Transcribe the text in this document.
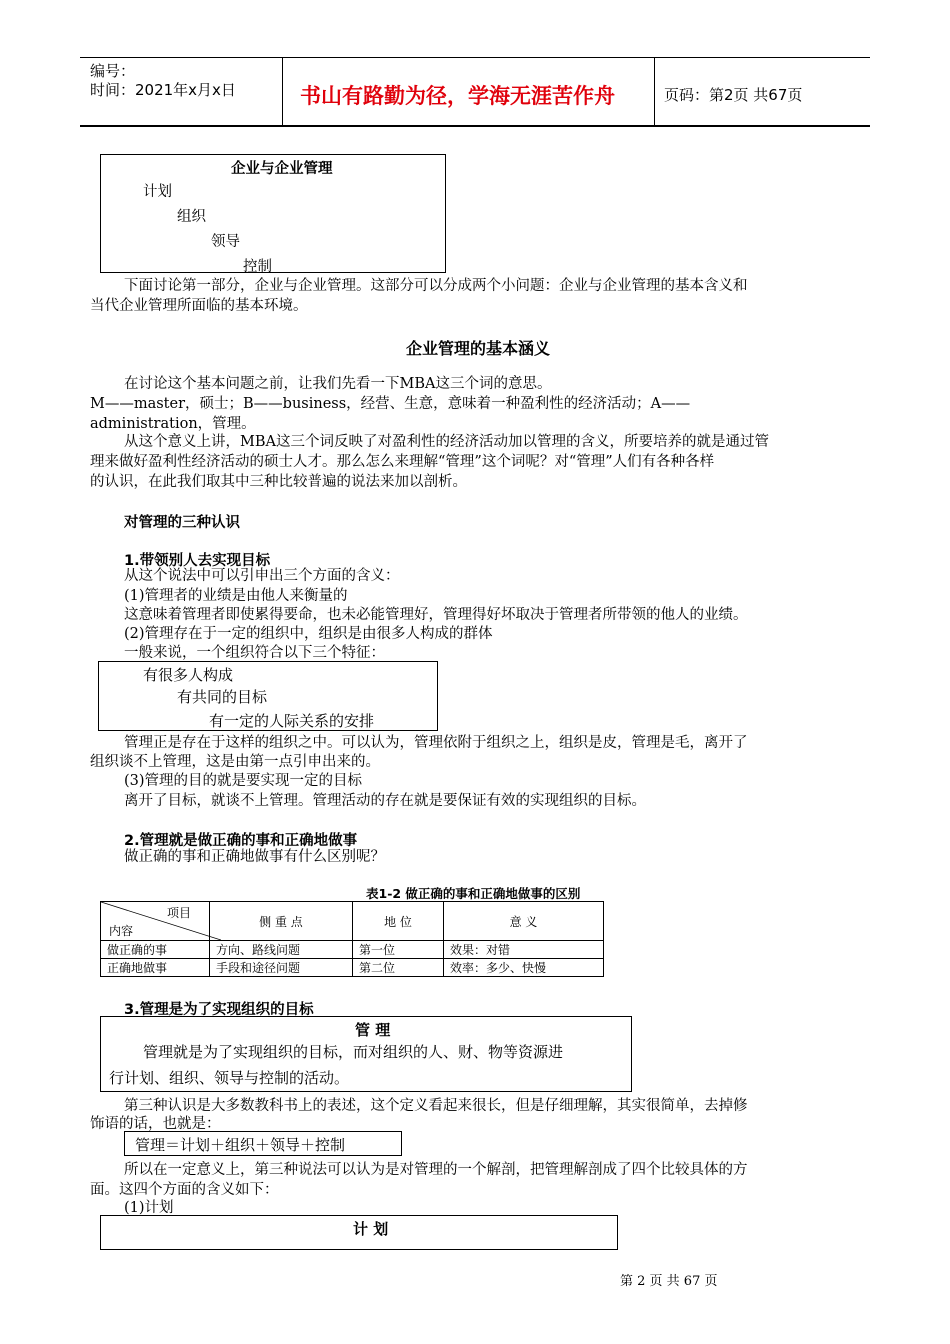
编号：
时间：2021年x月x日	书山有路勤为径，学海无涯苦作舟	页码：第2页 共67页
企业与企业管理
计划
组织
领导
控制
下面讨论第一部分，企业与企业管理。这部分可以分成两个小问题：企业与企业管理的基本含义和
当代企业管理所面临的基本环境。
企业管理的基本涵义
在讨论这个基本问题之前，让我们先看一下MBA这三个词的意思。
M——master，硕士；B——business，经营、生意，意味着一种盈利性的经济活动；A——
administration，管理。
从这个意义上讲，MBA这三个词反映了对盈利性的经济活动加以管理的含义，所要培养的就是通过管
理来做好盈利性经济活动的硕士人才。那么怎么来理解“管理”这个词呢？对“管理”人们有各种各样
的认识，在此我们取其中三种比较普遍的说法来加以剖析。
对管理的三种认识
1.带领别人去实现目标
从这个说法中可以引申出三个方面的含义：
(1)管理者的业绩是由他人来衡量的
这意味着管理者即使累得要命，也未必能管理好，管理得好坏取决于管理者所带领的他人的业绩。
(2)管理存在于一定的组织中，组织是由很多人构成的群体
一般来说，一个组织符合以下三个特征：
有很多人构成
有共同的目标
有一定的人际关系的安排
管理正是存在于这样的组织之中。可以认为，管理依附于组织之上，组织是皮，管理是毛，离开了
组织谈不上管理，这是由第一点引申出来的。
(3)管理的目的就是要实现一定的目标
离开了目标，就谈不上管理。管理活动的存在就是要保证有效的实现组织的目标。
2.管理就是做正确的事和正确地做事
做正确的事和正确地做事有什么区别呢？
表1-2 做正确的事和正确地做事的区别
项目
内容	侧 重 点	地 位	意 义
做正确的事	方向、路线问题	第一位	效果：对错
正确地做事	手段和途径问题	第二位	效率：多少、快慢
3.管理是为了实现组织的目标
管 理
管理就是为了实现组织的目标，而对组织的人、财、物等资源进
行计划、组织、领导与控制的活动。
第三种认识是大多数教科书上的表述，这个定义看起来很长，但是仔细理解，其实很简单，去掉修
饰语的话，也就是：
管理＝计划＋组织＋领导＋控制
所以在一定意义上，第三种说法可以认为是对管理的一个解剖，把管理解剖成了四个比较具体的方
面。这四个方面的含义如下：
(1)计划
计 划
第 2 页 共 67 页
